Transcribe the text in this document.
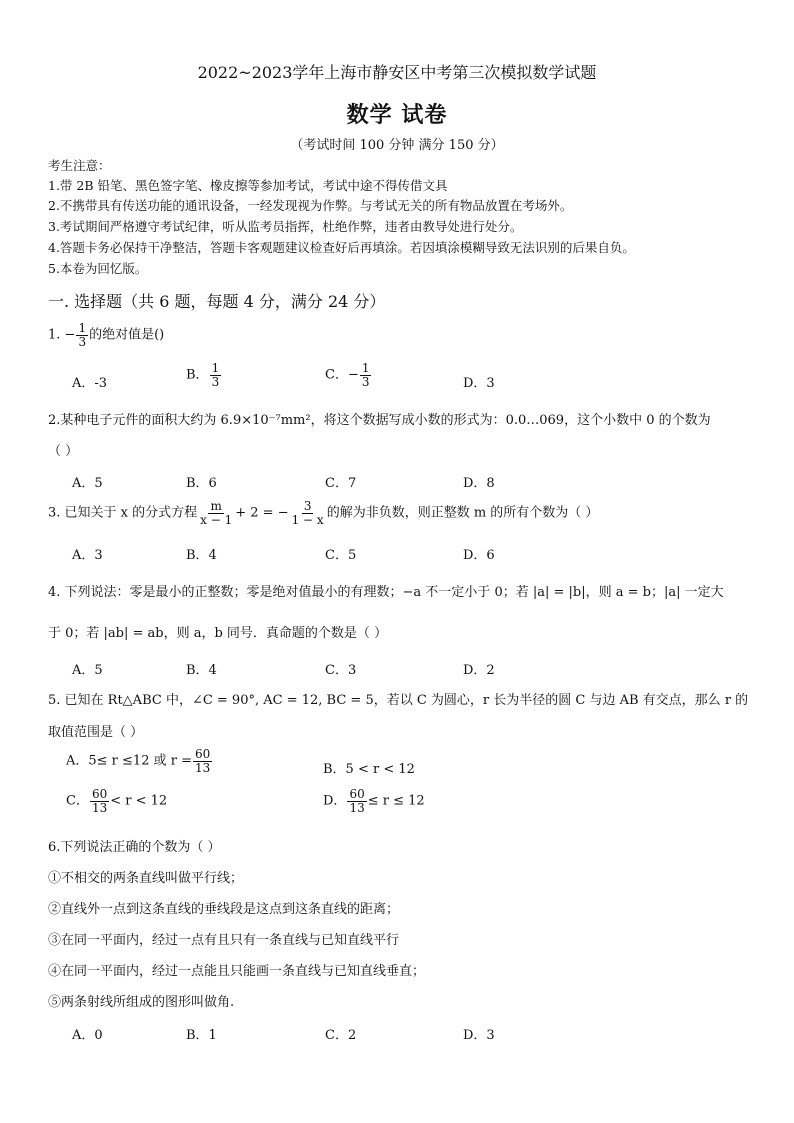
2022~2023学年上海市静安区中考第三次模拟数学试题
数学 试卷
（考试时间 100 分钟 满分 150 分）
考生注意：
1.带 2B 铅笔、黑色签字笔、橡皮擦等参加考试，考试中途不得传借文具
2.不携带具有传送功能的通讯设备，一经发现视为作弊。与考试无关的所有物品放置在考场外。
3.考试期间严格遵守考试纪律，听从监考员指挥，杜绝作弊，违者由教导处进行处分。
4.答题卡务必保持干净整洁，答题卡客观题建议检查好后再填涂。若因填涂模糊导致无法识别的后果自负。
5.本卷为回忆版。
一. 选择题（共 6 题，每题 4 分，满分 24 分）
1. − $\frac{1}{3}$ 的绝对值是()
A．-3
B． $\frac{1}{3}$	C．− $\frac{1}{3}$	D．3
2.某种电子元件的面积大约为 6.9×10⁻⁷mm²，将这个数据写成小数的形式为：0.0…069，这个小数中 0 的个数为
（ ）
A．5	B．6	C．7	D．8
3. 已知关于 x 的分式方程 $\frac{m}{x - 1} + 2$ = − $\frac{3}{1 - x}$ 的解为非负数，则正整数 m 的所有个数为（ ）
A．3	B．4	C．5	D．6
4. 下列说法：零是最小的正整数；零是绝对值最小的有理数；−a 不一定小于 0；若 |a| = |b|，则 a = b；|a| 一定大
于 0；若 |ab| = ab，则 a，b 同号．真命题的个数是（ ）
A．5	B．4	C．3	D．2
5. 已知在 Rt△ABC 中，∠C = 90°, AC = 12, BC = 5，若以 C 为圆心，r 长为半径的圆 C 与边 AB 有交点，那么 r 的
取值范围是（ ）
A．5≤ r ≤12 或 $r = \frac{60}{13}$	B．5 < r < 12
C． $\frac{60}{13} < r < 12$	D． $\frac{60}{13} \le r \le 12$
6.下列说法正确的个数为（ ）
①不相交的两条直线叫做平行线；
②直线外一点到这条直线的垂线段是这点到这条直线的距离；
③在同一平面内，经过一点有且只有一条直线与已知直线平行
④在同一平面内，经过一点能且只能画一条直线与已知直线垂直；
⑤两条射线所组成的图形叫做角.
A．0	B．1	C．2	D．3
